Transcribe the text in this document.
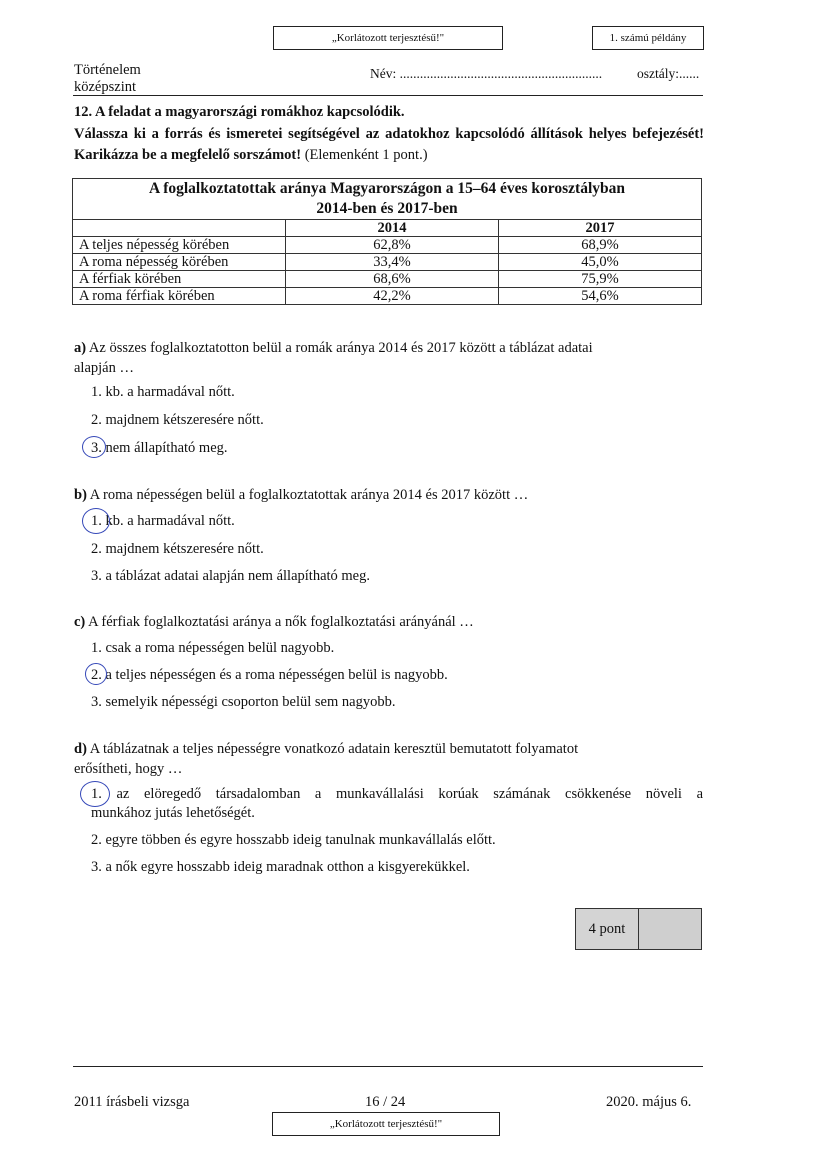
„Korlátozott terjesztésű!"	1. számú példány
Történelem
középszint
Név: ............................................................	osztály:......
12. A feladat a magyarországi romákhoz kapcsolódik.
Válassza ki a forrás és ismeretei segítségével az adatokhoz kapcsolódó állítások helyes befejezését! Karikázza be a megfelelő sorszámot! (Elemenként 1 pont.)
A foglalkoztatottak aránya Magyarországon a 15–64 éves korosztályban
2014-ben és 2017-ben		
	2014	2017
A teljes népesség körében	62,8%	68,9%
A roma népesség körében	33,4%	45,0%
A férfiak körében	68,6%	75,9%
A roma férfiak körében	42,2%	54,6%
a) Az összes foglalkoztatotton belül a romák aránya 2014 és 2017 között a táblázat adatai
alapján …
1. kb. a harmadával nőtt.
2. majdnem kétszeresére nőtt.
3. nem állapítható meg.
b) A roma népességen belül a foglalkoztatottak aránya 2014 és 2017 között …
1. kb. a harmadával nőtt.
2. majdnem kétszeresére nőtt.
3. a táblázat adatai alapján nem állapítható meg.
c) A férfiak foglalkoztatási aránya a nők foglalkoztatási arányánál …
1. csak a roma népességen belül nagyobb.
2. a teljes népességen és a roma népességen belül is nagyobb.
3. semelyik népességi csoporton belül sem nagyobb.
d) A táblázatnak a teljes népességre vonatkozó adatain keresztül bemutatott folyamatot
erősítheti, hogy …
1. az elöregedő társadalomban a munkavállalási korúak számának csökkenése növeli a
munkához jutás lehetőségét.
2. egyre többen és egyre hosszabb ideig tanulnak munkavállalás előtt.
3. a nők egyre hosszabb ideig maradnak otthon a kisgyerekükkel.
4 pont
2011 írásbeli vizsga	16 / 24	2020. május 6.
„Korlátozott terjesztésű!"
